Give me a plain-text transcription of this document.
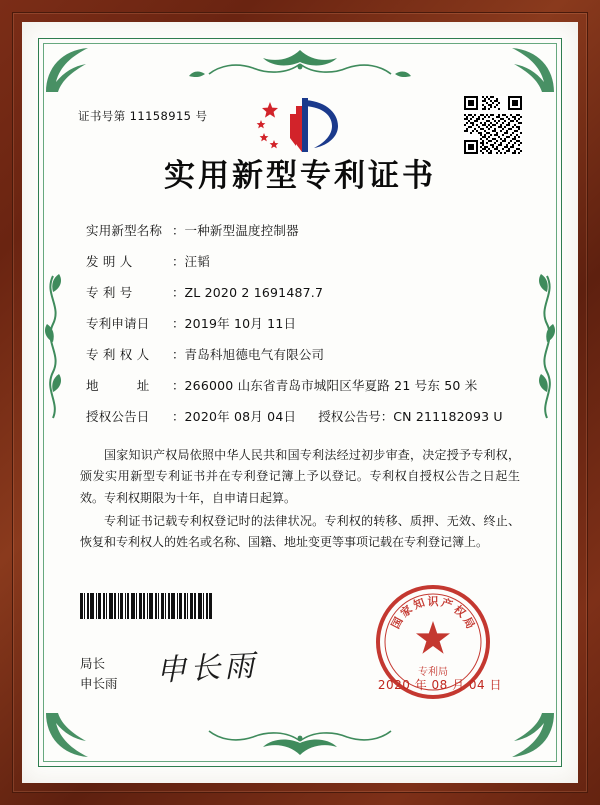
证书号第 11158915 号
实用新型专利证书
实用新型名称 ： 一种新型温度控制器
发 明 人	： 汪韬
专 利 号	： ZL 2020 2 1691487.7
专利申请日	： 2019年 10月 11日
专 利 权 人	： 青岛科旭德电气有限公司
地　　　址	： 266000 山东省青岛市城阳区华夏路 21 号东 50 米
授权公告日	： 2020年 08月 04日 授权公告号 ： CN 211182093 U

国家知识产权局依照中华人民共和国专利法经过初步审查，决定授予专利权，颁发实用新型专利证书并在专利登记簿上予以登记。专利权自授权公告之日起生效。专利权期限为十年，自申请日起算。

专利证书记载专利权登记时的法律状况。专利权的转移、质押、无效、终止、恢复和专利权人的姓名或名称、国籍、地址变更等事项记载在专利登记簿上。

局长
申长雨 申长雨
国
家
知 识 产
权
局
专利局
2020 年 08 月 04 日
